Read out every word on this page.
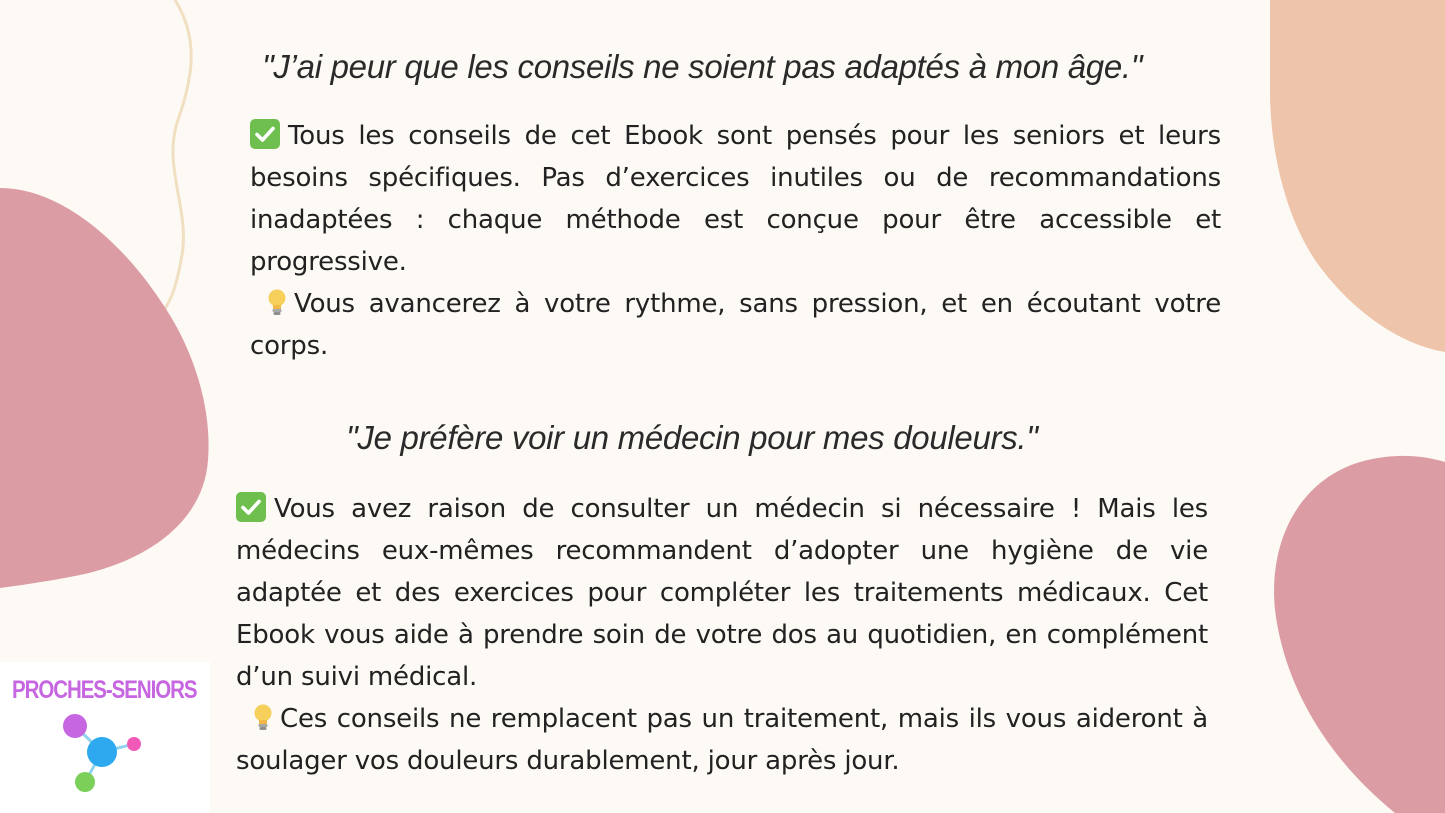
"J’ai peur que les conseils ne soient pas adaptés à mon âge."

Tous les conseils de cet Ebook sont pensés pour les seniors et leurs besoins spécifiques. Pas d’exercices inutiles ou de recommandations inadaptées : chaque méthode est conçue pour être accessible et progressive.

Vous avancerez à votre rythme, sans pression, et en écoutant votre corps.

"Je préfère voir un médecin pour mes douleurs."

Vous avez raison de consulter un médecin si nécessaire ! Mais les médecins eux-mêmes recommandent d’adopter une hygiène de vie adaptée et des exercices pour compléter les traitements médicaux. Cet Ebook vous aide à prendre soin de votre dos au quotidien, en complément d’un suivi médical.

Ces conseils ne remplacent pas un traitement, mais ils vous aideront à soulager vos douleurs durablement, jour après jour.

PROCHES-SENIORS
